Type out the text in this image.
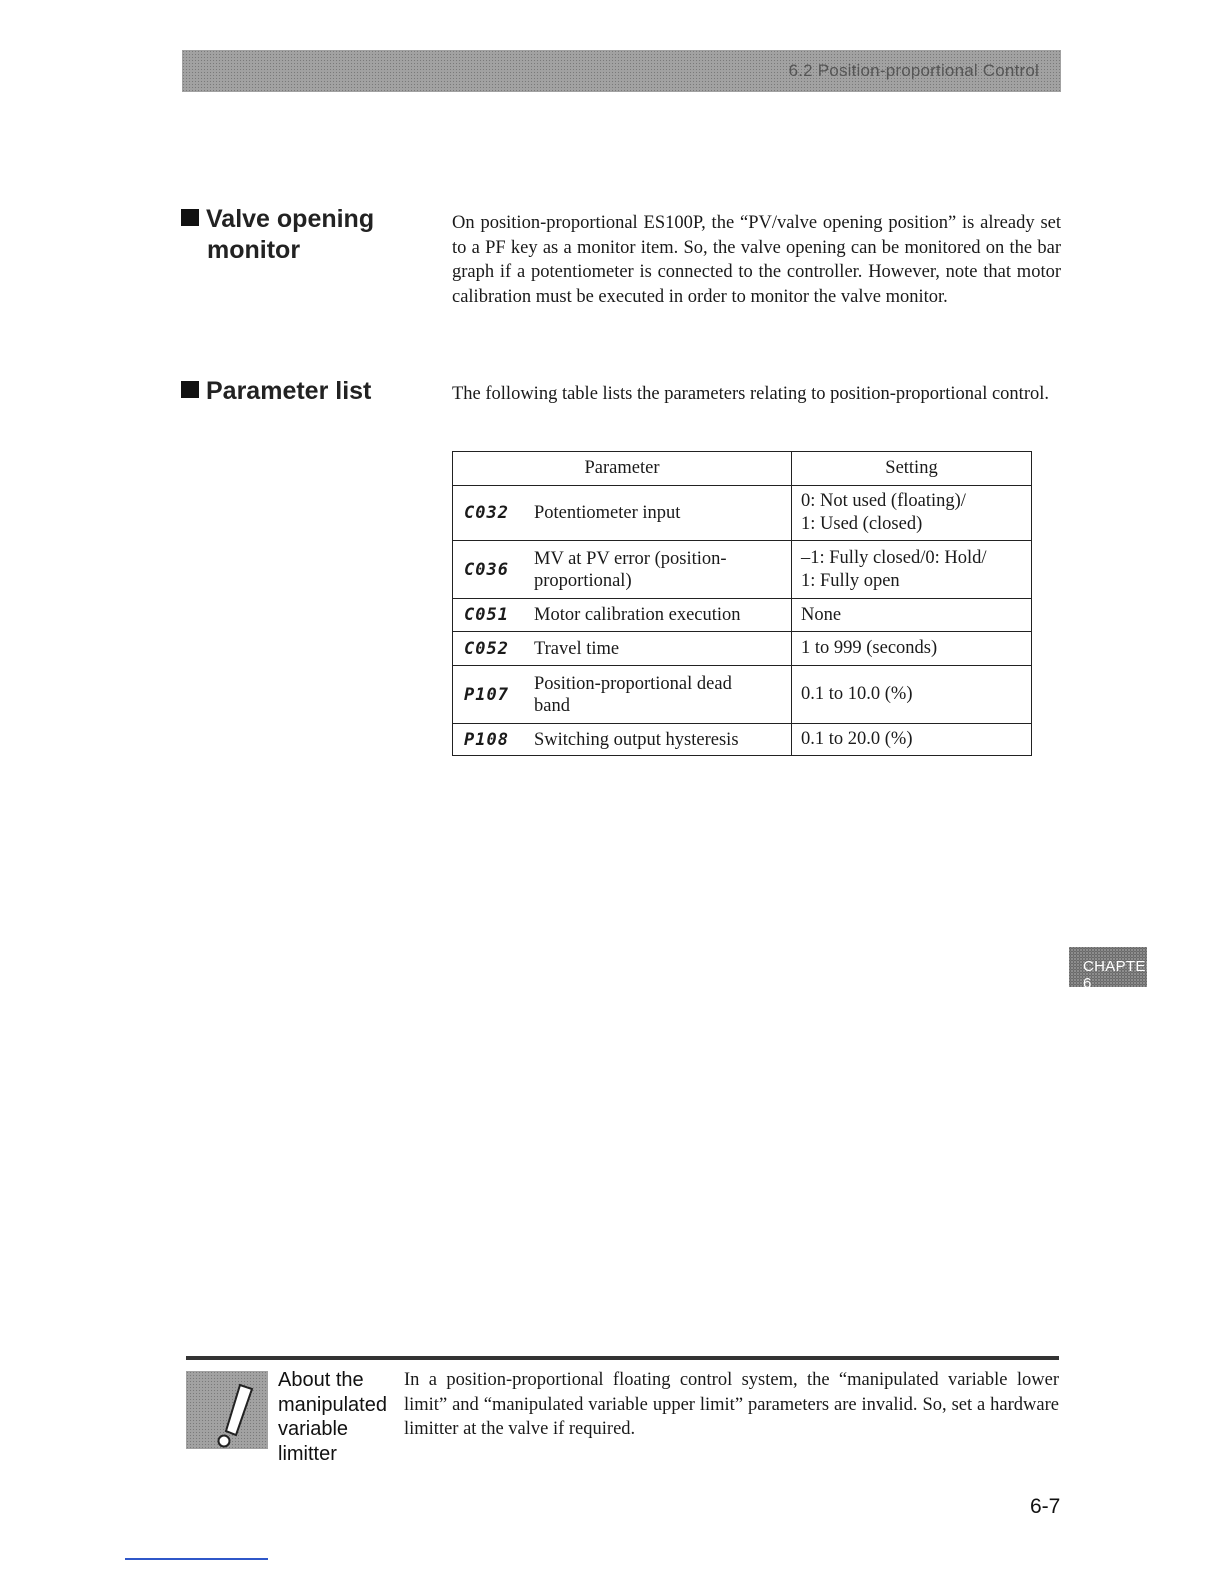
6.2 Position-proportional Control
Valve opening
monitor
On position-proportional ES100P, the “PV/valve opening position” is already set to a PF key as a monitor item. So, the valve opening can be monitored on the bar graph if a potentiometer is connected to the controller. However, note that motor calibration must be executed in order to monitor the valve monitor.
Parameter list	The following table lists the parameters relating to position-proportional control.
Parameter	Setting
C032 Potentiometer input	0: Not used (floating)/
1: Used (closed)

C036MV at PV error (position-proportional)	–1: Fully closed/0: Hold/
1: Fully open

C051 Motor calibration execution	None

C052 Travel time	1 to 999 (seconds)

P107Position-proportional dead band	0.1 to 10.0 (%)

P108 Switching output hysteresis	0.1 to 20.0 (%)
CHAPTER 6
About the manipulated variable limitter
In a position-proportional floating control system, the “manipulated variable lower limit” and “manipulated variable upper limit” parameters are invalid. So, set a hardware limitter at the valve if required.
6-7
